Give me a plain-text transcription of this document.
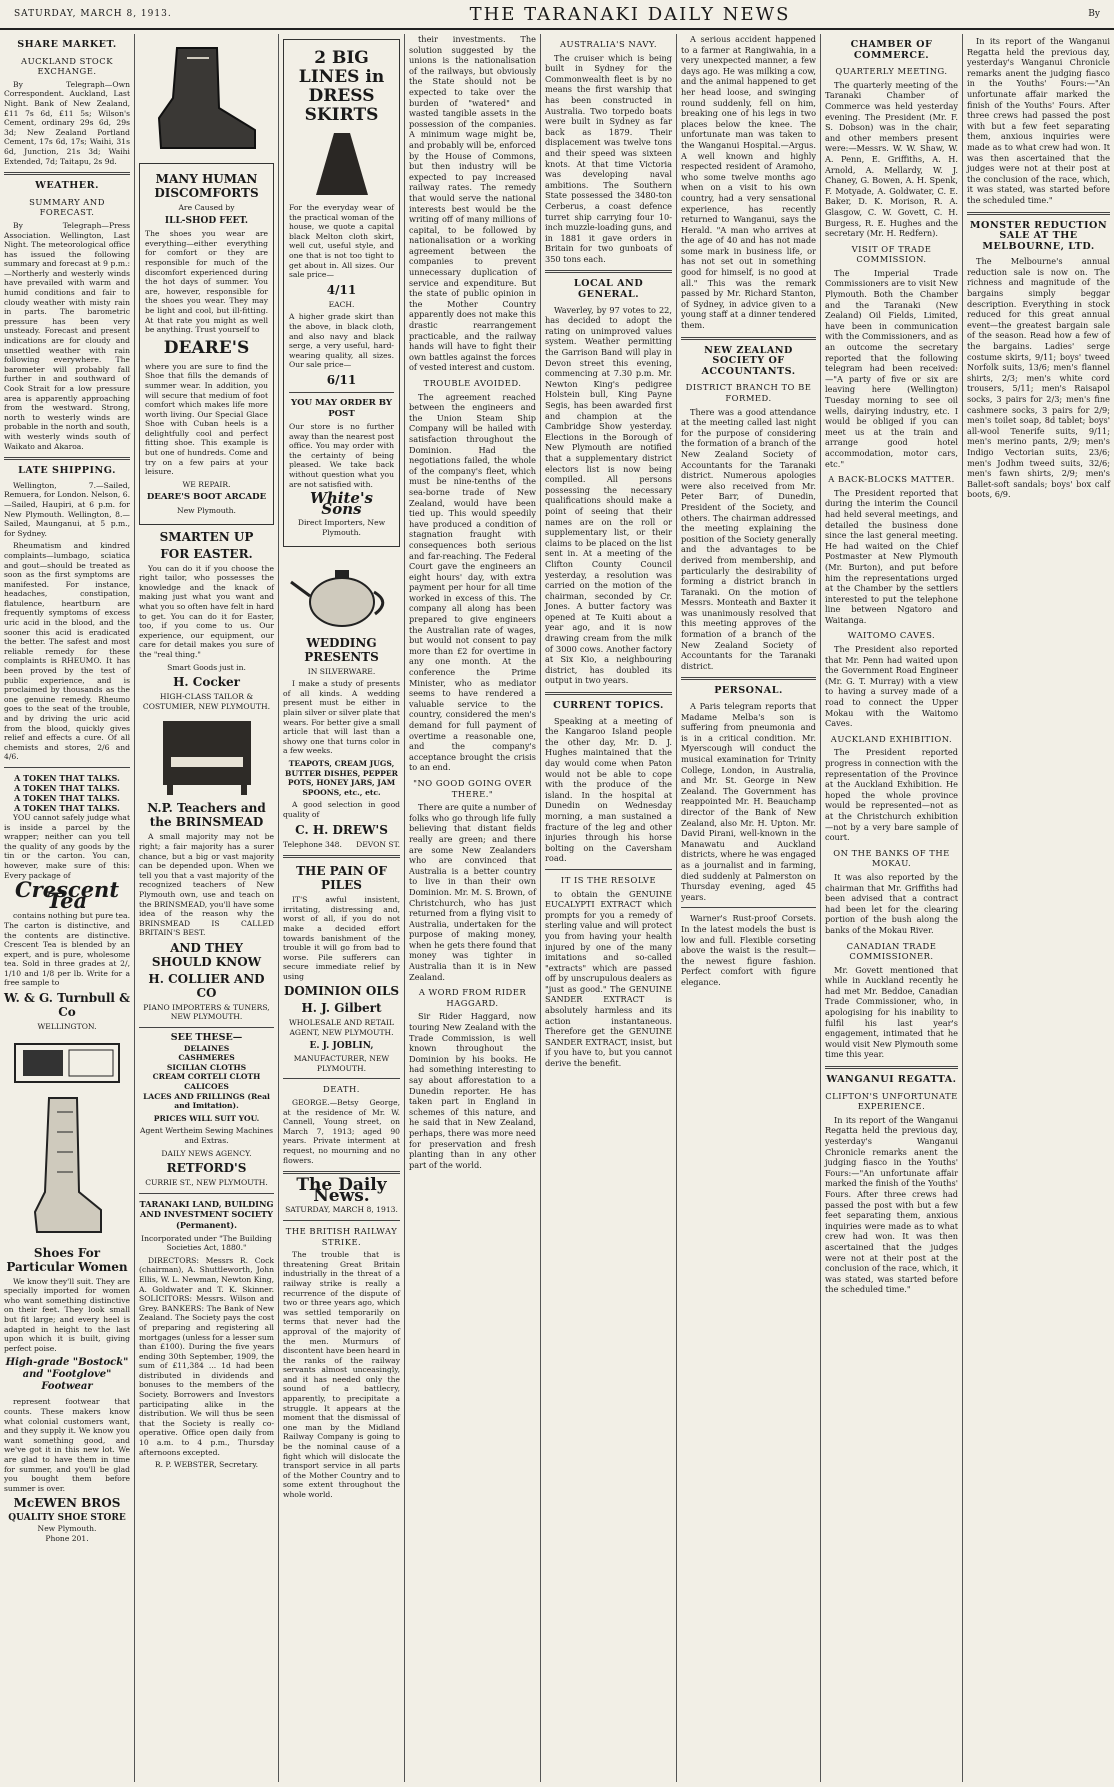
SATURDAY, MARCH 8, 1913.	THE TARANAKI DAILY NEWS	By
SHARE MARKET.
AUCKLAND STOCK EXCHANGE.

By Telegraph—Own Correspondent. Auckland, Last Night. Bank of New Zealand, £11 7s 6d, £11 5s; Wilson's Cement, ordinary 29s 6d, 29s 3d; New Zealand Portland Cement, 17s 6d, 17s; Waihi, 31s 6d, Junction, 21s 3d; Waihi Extended, 7d; Taitapu, 2s 9d.

WEATHER.
SUMMARY AND FORECAST.

By Telegraph—Press Association. Wellington, Last Night. The meteorological office has issued the following summary and forecast at 9 p.m.:—Northerly and westerly winds have prevailed with warm and humid conditions and fair to cloudy weather with misty rain in parts. The barometric pressure has been very unsteady. Forecast and present indications are for cloudy and unsettled weather with rain following everywhere. The barometer will probably fall further in and southward of Cook Strait for a low pressure area is apparently approaching from the westward. Strong, north to westerly winds are probable in the north and south, with westerly winds south of Waikato and Akaroa.

LATE SHIPPING.

Wellington, 7.—Sailed, Remuera, for London. Nelson, 6.—Sailed, Haupiri, at 6 p.m. for New Plymouth. Wellington, 8.—Sailed, Maunganui, at 5 p.m., for Sydney.

Rheumatism and kindred complaints—lumbago, sciatica and gout—should be treated as soon as the first symptoms are manifested. For instance, headaches, constipation, flatulence, heartburn are frequently symptoms of excess uric acid in the blood, and the sooner this acid is eradicated the better. The safest and most reliable remedy for these complaints is RHEUMO. It has been proved by the test of public experience, and is proclaimed by thousands as the one genuine remedy. Rheumo goes to the seat of the trouble, and by driving the uric acid from the blood, quickly gives relief and effects a cure. Of all chemists and stores, 2/6 and 4/6.

A TOKEN THAT TALKS.
A TOKEN THAT TALKS.
A TOKEN THAT TALKS.
A TOKEN THAT TALKS.

YOU cannot safely judge what is inside a parcel by the wrapper; neither can you tell the quality of any goods by the tin or the carton. You can, however, make sure of this: Every package of

Crescent Tea

contains nothing but pure tea. The carton is distinctive, and the contents are distinctive. Crescent Tea is blended by an expert, and is pure, wholesome tea. Sold in three grades at 2/, 1/10 and 1/8 per lb. Write for a free sample to

W. & G. Turnbull & Co
WELLINGTON.
Shoes For Particular Women

We know they'll suit. They are specially imported for women who want something distinctive on their feet. They look small but fit large; and every heel is adapted in height to the last upon which it is built, giving perfect poise.

High-grade "Bostock" and "Footglove" Footwear

represent footwear that counts. These makers know what colonial customers want, and they supply it. We know you want something good, and we've got it in this new lot. We are glad to have them in time for summer, and you'll be glad you bought them before summer is over.

McEWEN BROS
QUALITY SHOE STORE
New Plymouth.
Phone 201.
MANY HUMAN DISCOMFORTS

Are Caused by

ILL-SHOD FEET.

The shoes you wear are everything—either everything for comfort or they are responsible for much of the discomfort experienced during the hot days of summer. You are, however, responsible for the shoes you wear. They may be light and cool, but ill-fitting. At that rate you might as well be anything. Trust yourself to

DEARE'S

where you are sure to find the Shoe that fills the demands of summer wear. In addition, you will secure that medium of foot comfort which makes life more worth living. Our Special Glace Shoe with Cuban heels is a delightfully cool and perfect fitting shoe. This example is but one of hundreds. Come and try on a few pairs at your leisure.

WE REPAIR.

DEARE'S BOOT ARCADE

New Plymouth.

SMARTEN UP
FOR EASTER.

You can do it if you choose the right tailor, who possesses the knowledge and the knack of making just what you want and what you so often have felt in hard to get. You can do it for Easter, too, if you come to us. Our experience, our equipment, our care for detail makes you sure of the "real thing."

Smart Goods just in.

H. Cocker

HIGH-CLASS TAILOR & COSTUMIER, NEW PLYMOUTH.

N.P. Teachers and the BRINSMEAD

A small majority may not be right; a fair majority has a surer chance, but a big or vast majority can be depended upon. When we tell you that a vast majority of the recognized teachers of New Plymouth own, use and teach on the BRINSMEAD, you'll have some idea of the reason why the BRINSMEAD IS CALLED BRITAIN'S BEST.

AND THEY SHOULD KNOW
H. COLLIER AND CO

PIANO IMPORTERS & TUNERS, NEW PLYMOUTH.

SEE THESE—
DELAINES
CASHMERES
SICILIAN CLOTHS
CREAM CORTELI CLOTH
CALICOES
LACES AND FRILLINGS (Real and Imitation).

PRICES WILL SUIT YOU.

Agent Wertheim Sewing Machines and Extras.

DAILY NEWS AGENCY.

RETFORD'S

CURRIE ST., NEW PLYMOUTH.

TARANAKI LAND, BUILDING AND INVESTMENT SOCIETY (Permanent).

Incorporated under "The Building Societies Act, 1880."

DIRECTORS: Messrs R. Cock (chairman), A. Shuttleworth, John Ellis, W. L. Newman, Newton King, A. Goldwater and T. K. Skinner. SOLICITORS: Messrs. Wilson and Grey. BANKERS: The Bank of New Zealand. The Society pays the cost of preparing and registering all mortgages (unless for a lesser sum than £100). During the five years ending 30th September, 1909, the sum of £11,384 ... 1d had been distributed in dividends and bonuses to the members of the Society. Borrowers and Investors participating alike in the distribution. We will thus be seen that the Society is really co-operative. Office open daily from 10 a.m. to 4 p.m., Thursday afternoons excepted.

R. P. WEBSTER, Secretary.

2 BIG LINES in DRESS SKIRTS

For the everyday wear of the practical woman of the house, we quote a capital black Melton cloth skirt, well cut, useful style, and one that is not too tight to get about in. All sizes. Our sale price—

4/11

EACH.

A higher grade skirt than the above, in black cloth, and also navy and black serge, a very useful, hard-wearing quality, all sizes. Our sale price—

6/11

YOU MAY ORDER BY POST

Our store is no further away than the nearest post office. You may order with the certainty of being pleased. We take back without question what you are not satisfied with.

White's Sons

Direct Importers, New Plymouth.

WEDDING PRESENTS

IN SILVERWARE.

I make a study of presents of all kinds. A wedding present must be either in plain silver or silver plate that wears. For better give a small article that will last than a showy one that turns color in a few weeks.

TEAPOTS, CREAM JUGS, BUTTER DISHES, PEPPER POTS, HONEY JARS, JAM SPOONS, etc., etc.

A good selection in good quality of

C. H. DREW'S
Telephone 348. DEVON ST.
THE PAIN OF PILES

IT'S awful insistent, irritating, distressing and, worst of all, if you do not make a decided effort towards banishment of the trouble it will go from bad to worse. Pile sufferers can secure immediate relief by using

DOMINION OILS
H. J. Gilbert

WHOLESALE AND RETAIL AGENT, NEW PLYMOUTH.

E. J. JOBLIN,

MANUFACTURER, NEW PLYMOUTH.

DEATH.

GEORGE.—Betsy George, at the residence of Mr. W. Cannell, Young street, on March 7, 1913; aged 90 years. Private interment at request, no mourning and no flowers.

The Daily News.

SATURDAY, MARCH 8, 1913.

THE BRITISH RAILWAY STRIKE.

The trouble that is threatening Great Britain industrially in the threat of a railway strike is really a recurrence of the dispute of two or three years ago, which was settled temporarily on terms that never had the approval of the majority of the men. Murmurs of discontent have been heard in the ranks of the railway servants almost unceasingly, and it has needed only the sound of a battlecry, apparently, to precipitate a struggle. It appears at the moment that the dismissal of one man by the Midland Railway Company is going to be the nominal cause of a fight which will dislocate the transport service in all parts of the Mother Country and to some extent throughout the whole world.

their investments. The solution suggested by the unions is the nationalisation of the railways, but obviously the State should not be expected to take over the burden of "watered" and wasted tangible assets in the possession of the companies. A minimum wage might be, and probably will be, enforced by the House of Commons, but then industry will be expected to pay increased railway rates. The remedy that would serve the national interests best would be the writing off of many millions of capital, to be followed by nationalisation or a working agreement between the companies to prevent unnecessary duplication of service and expenditure. But the state of public opinion in the Mother Country apparently does not make this drastic rearrangement practicable, and the railway hands will have to fight their own battles against the forces of vested interest and custom.

TROUBLE AVOIDED.

The agreement reached between the engineers and the Union Steam Ship Company will be hailed with satisfaction throughout the Dominion. Had the negotiations failed, the whole of the company's fleet, which must be nine-tenths of the sea-borne trade of New Zealand, would have been tied up. This would speedily have produced a condition of stagnation fraught with consequences both serious and far-reaching. The Federal Court gave the engineers an eight hours' day, with extra payment per hour for all time worked in excess of this. The company all along has been prepared to give engineers the Australian rate of wages, but would not consent to pay more than £2 for overtime in any one month. At the conference the Prime Minister, who as mediator seems to have rendered a valuable service to the country, considered the men's demand for full payment of overtime a reasonable one, and the company's acceptance brought the crisis to an end.

"NO GOOD GOING OVER THERE."

There are quite a number of folks who go through life fully believing that distant fields really are green; and there are some New Zealanders who are convinced that Australia is a better country to live in than their own Dominion. Mr. M. S. Brown, of Christchurch, who has just returned from a flying visit to Australia, undertaken for the purpose of making money, when he gets there found that money was tighter in Australia than it is in New Zealand.

A WORD FROM RIDER HAGGARD.

Sir Rider Haggard, now touring New Zealand with the Trade Commission, is well known throughout the Dominion by his books. He had something interesting to say about afforestation to a Dunedin reporter. He has taken part in England in schemes of this nature, and he said that in New Zealand, perhaps, there was more need for preservation and fresh planting than in any other part of the world.

AUSTRALIA'S NAVY.

The cruiser which is being built in Sydney for the Commonwealth fleet is by no means the first warship that has been constructed in Australia. Two torpedo boats were built in Sydney as far back as 1879. Their displacement was twelve tons and their speed was sixteen knots. At that time Victoria was developing naval ambitions. The Southern State possessed the 3480-ton Cerberus, a coast defence turret ship carrying four 10-inch muzzle-loading guns, and in 1881 it gave orders in Britain for two gunboats of 350 tons each.

LOCAL AND GENERAL.

Waverley, by 97 votes to 22, has decided to adopt the rating on unimproved values system. Weather permitting the Garrison Band will play in Devon street this evening, commencing at 7.30 p.m. Mr. Newton King's pedigree Holstein bull, King Payne Segis, has been awarded first and champion at the Cambridge Show yesterday. Elections in the Borough of New Plymouth are notified that a supplementary district electors list is now being compiled. All persons possessing the necessary qualifications should make a point of seeing that their names are on the roll or supplementary list, or their claims to be placed on the list sent in. At a meeting of the Clifton County Council yesterday, a resolution was carried on the motion of the chairman, seconded by Cr. Jones. A butter factory was opened at Te Kuiti about a year ago, and it is now drawing cream from the milk of 3000 cows. Another factory at Six Kio, a neighbouring district, has doubled its output in two years.

CURRENT TOPICS.

Speaking at a meeting of the Kangaroo Island people the other day, Mr. D. J. Hughes maintained that the day would come when Paton would not be able to cope with the produce of the island. In the hospital at Dunedin on Wednesday morning, a man sustained a fracture of the leg and other injuries through his horse bolting on the Caversham road.

IT IS THE RESOLVE

to obtain the GENUINE EUCALYPTI EXTRACT which prompts for you a remedy of sterling value and will protect you from having your health injured by one of the many imitations and so-called "extracts" which are passed off by unscrupulous dealers as "just as good." The GENUINE SANDER EXTRACT is absolutely harmless and its action instantaneous. Therefore get the GENUINE SANDER EXTRACT, insist, but if you have to, but you cannot derive the benefit.

A serious accident happened to a farmer at Rangiwahia, in a very unexpected manner, a few days ago. He was milking a cow, and the animal happened to get her head loose, and swinging round suddenly, fell on him, breaking one of his legs in two places below the knee. The unfortunate man was taken to the Wanganui Hospital.—Argus. A well known and highly respected resident of Aramoho, who some twelve months ago when on a visit to his own country, had a very sensational experience, has recently returned to Wanganui, says the Herald. "A man who arrives at the age of 40 and has not made some mark in business life, or has not set out in something good for himself, is no good at all." This was the remark passed by Mr. Richard Stanton, of Sydney, in advice given to a young staff at a dinner tendered them.

NEW ZEALAND SOCIETY OF ACCOUNTANTS.
DISTRICT BRANCH TO BE FORMED.

There was a good attendance at the meeting called last night for the purpose of considering the formation of a branch of the New Zealand Society of Accountants for the Taranaki district. Numerous apologies were also received from Mr. Peter Barr, of Dunedin, President of the Society, and others. The chairman addressed the meeting explaining the position of the Society generally and the advantages to be derived from membership, and particularly the desirability of forming a district branch in Taranaki. On the motion of Messrs. Monteath and Baxter it was unanimously resolved that this meeting approves of the formation of a branch of the New Zealand Society of Accountants for the Taranaki district.

PERSONAL.

A Paris telegram reports that Madame Melba's son is suffering from pneumonia and is in a critical condition. Mr. Myerscough will conduct the musical examination for Trinity College, London, in Australia, and Mr. St. George in New Zealand. The Government has reappointed Mr. H. Beauchamp director of the Bank of New Zealand, also Mr. H. Upton. Mr. David Pirani, well-known in the Manawatu and Auckland districts, where he was engaged as a journalist and in farming, died suddenly at Palmerston on Thursday evening, aged 45 years.

Warner's Rust-proof Corsets. In the latest models the bust is low and full. Flexible corseting above the waist is the result—the newest figure fashion. Perfect comfort with figure elegance.

CHAMBER OF COMMERCE.
QUARTERLY MEETING.

The quarterly meeting of the Taranaki Chamber of Commerce was held yesterday evening. The President (Mr. F. S. Dobson) was in the chair, and other members present were:—Messrs. W. W. Shaw, W. A. Penn, E. Griffiths, A. H. Arnold, A. Mellardy, W. J. Chaney, G. Bowen, A. H. Spenk, F. Motyade, A. Goldwater, C. E. Baker, D. K. Morison, R. A. Glasgow, C. W. Govett, C. H. Burgess, R. E. Hughes and the secretary (Mr. H. Redfern).

VISIT OF TRADE COMMISSION.

The Imperial Trade Commissioners are to visit New Plymouth. Both the Chamber and the Taranaki (New Zealand) Oil Fields, Limited, have been in communication with the Commissioners, and as an outcome the secretary reported that the following telegram had been received:—"A party of five or six are leaving here (Wellington) Tuesday morning to see oil wells, dairying industry, etc. I would be obliged if you can meet us at the train and arrange good hotel accommodation, motor cars, etc."

A BACK-BLOCKS MATTER.

The President reported that during the interim the Council had held several meetings, and detailed the business done since the last general meeting. He had waited on the Chief Postmaster at New Plymouth (Mr. Burton), and put before him the representations urged at the Chamber by the settlers interested to put the telephone line between Ngatoro and Waitanga.

WAITOMO CAVES.

The President also reported that Mr. Penn had waited upon the Government Road Engineer (Mr. G. T. Murray) with a view to having a survey made of a road to connect the Upper Mokau with the Waitomo Caves.

AUCKLAND EXHIBITION.

The President reported progress in connection with the representation of the Province at the Auckland Exhibition. He hoped the whole province would be represented—not as at the Christchurch exhibition—not by a very bare sample of court.

ON THE BANKS OF THE MOKAU.

It was also reported by the chairman that Mr. Griffiths had been advised that a contract had been let for the clearing portion of the bush along the banks of the Mokau River.

CANADIAN TRADE COMMISSIONER.

Mr. Govett mentioned that while in Auckland recently he had met Mr. Beddoe, Canadian Trade Commissioner, who, in apologising for his inability to fulfil his last year's engagement, intimated that he would visit New Plymouth some time this year.

WANGANUI REGATTA.
CLIFTON'S UNFORTUNATE EXPERIENCE.

In its report of the Wanganui Regatta held the previous day, yesterday's Wanganui Chronicle remarks anent the judging fiasco in the Youths' Fours:—"An unfortunate affair marked the finish of the Youths' Fours. After three crews had passed the post with but a few feet separating them, anxious inquiries were made as to what crew had won. It was then ascertained that the judges were not at their post at the conclusion of the race, which, it was stated, was started before the scheduled time."

In its report of the Wanganui Regatta held the previous day, yesterday's Wanganui Chronicle remarks anent the judging fiasco in the Youths' Fours:—"An unfortunate affair marked the finish of the Youths' Fours. After three crews had passed the post with but a few feet separating them, anxious inquiries were made as to what crew had won. It was then ascertained that the judges were not at their post at the conclusion of the race, which, it was stated, was started before the scheduled time."

MONSTER REDUCTION SALE AT THE MELBOURNE, LTD.

The Melbourne's annual reduction sale is now on. The richness and magnitude of the bargains simply beggar description. Everything in stock reduced for this great annual event—the greatest bargain sale of the season. Read how a few of the bargains. Ladies' serge costume skirts, 9/11; boys' tweed Norfolk suits, 13/6; men's flannel shirts, 2/3; men's white cord trousers, 5/11; men's Raisapol socks, 3 pairs for 2/3; men's fine cashmere socks, 3 pairs for 2/9; men's toilet soap, 8d tablet; boys' all-wool Tenerife suits, 9/11; men's merino pants, 2/9; men's Indigo Vectorian suits, 23/6; men's Jodhm tweed suits, 32/6; men's fawn shirts, 2/9; men's Ballet-soft sandals; boys' box calf boots, 6/9.
